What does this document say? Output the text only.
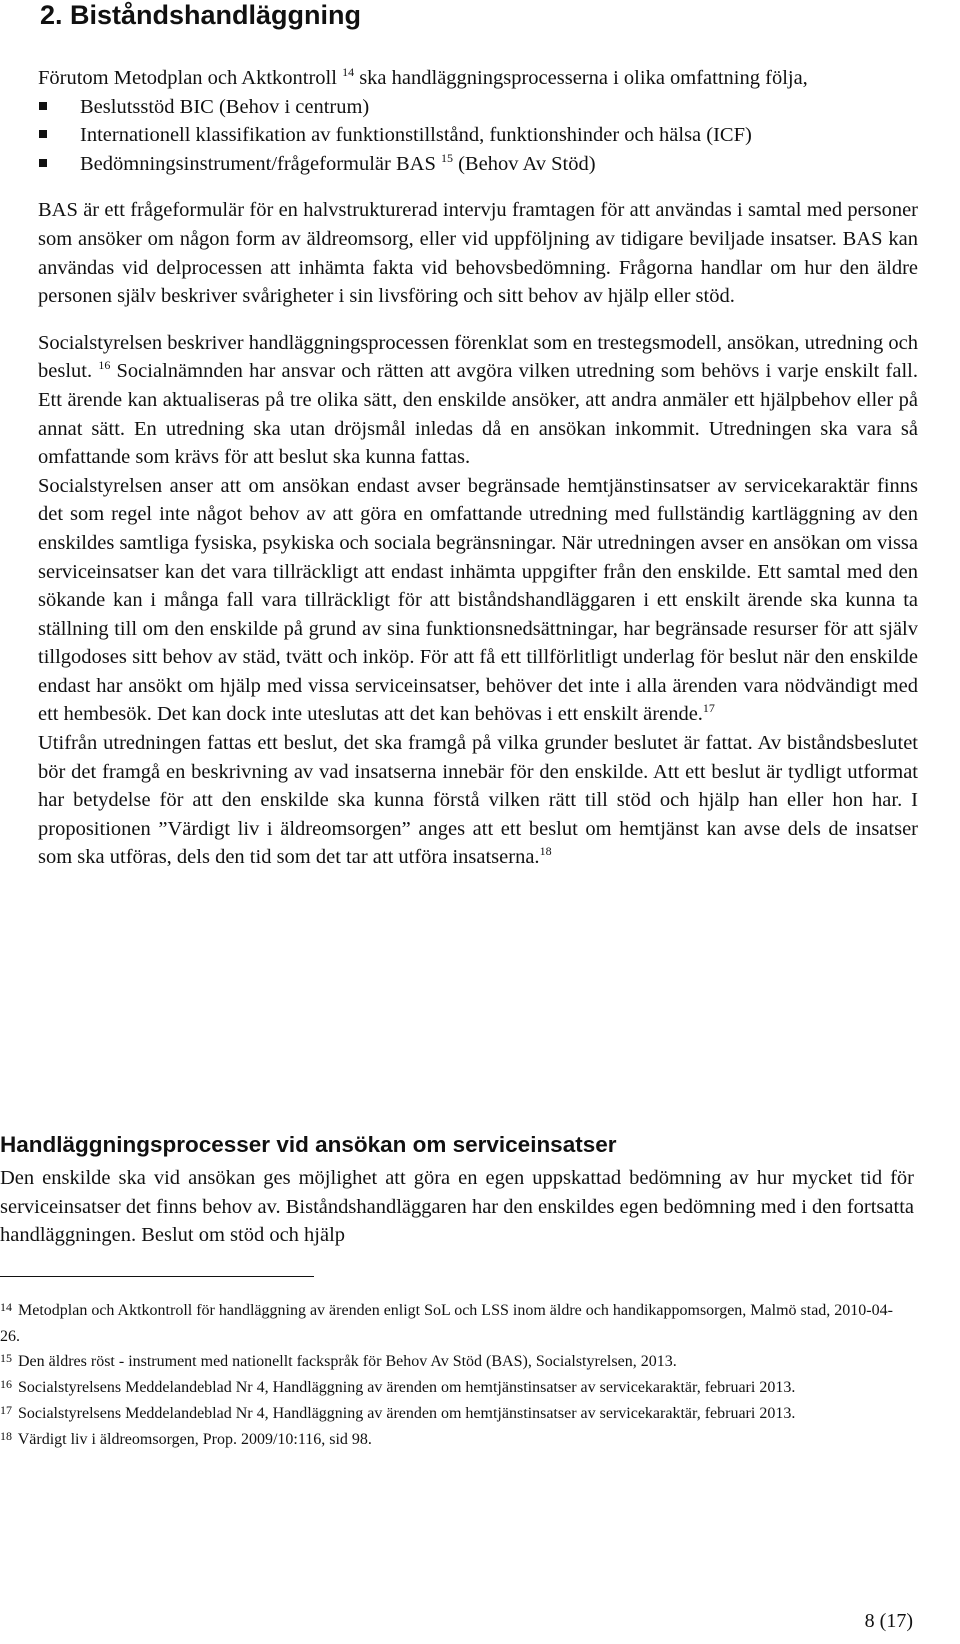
2. Biståndshandläggning

Förutom Metodplan och Aktkontroll $^{14}$ ska handläggningsprocesserna i olika omfattning följa,

Beslutsstöd BIC (Behov i centrum)
Internationell klassifikation av funktionstillstånd, funktionshinder och hälsa (ICF)
Bedömningsinstrument/frågeformulär BAS $^{15}$ (Behov Av Stöd)

BAS är ett frågeformulär för en halvstrukturerad intervju framtagen för att användas i samtal med personer som ansöker om någon form av äldreomsorg, eller vid uppföljning av tidigare beviljade insatser. BAS kan användas vid delprocessen att inhämta fakta vid behovsbedömning. Frågorna handlar om hur den äldre personen själv beskriver svårigheter i sin livsföring och sitt behov av hjälp eller stöd.

Socialstyrelsen beskriver handläggningsprocessen förenklat som en trestegsmodell, ansökan, utredning och beslut. $^{16}$ Socialnämnden har ansvar och rätten att avgöra vilken utredning som behövs i varje enskilt fall. Ett ärende kan aktualiseras på tre olika sätt, den enskilde ansöker, att andra anmäler ett hjälpbehov eller på annat sätt. En utredning ska utan dröjsmål inledas då en ansökan inkommit. Utredningen ska vara så omfattande som krävs för att beslut ska kunna fattas.

Socialstyrelsen anser att om ansökan endast avser begränsade hemtjänstinsatser av servicekaraktär finns det som regel inte något behov av att göra en omfattande utredning med fullständig kartläggning av den enskildes samtliga fysiska, psykiska och sociala begränsningar. När utredningen avser en ansökan om vissa serviceinsatser kan det vara tillräckligt att endast inhämta uppgifter från den enskilde. Ett samtal med den sökande kan i många fall vara tillräckligt för att biståndshandläggaren i ett enskilt ärende ska kunna ta ställning till om den enskilde på grund av sina funktionsnedsättningar, har begränsade resurser för att själv tillgodoses sitt behov av städ, tvätt och inköp. För att få ett tillförlitligt underlag för beslut när den enskilde endast har ansökt om hjälp med vissa serviceinsatser, behöver det inte i alla ärenden vara nödvändigt med ett hembesök. Det kan dock inte uteslutas att det kan behövas i ett enskilt ärende.$^{17}$

Utifrån utredningen fattas ett beslut, det ska framgå på vilka grunder beslutet är fattat. Av biståndsbeslutet bör det framgå en beskrivning av vad insatserna innebär för den enskilde. Att ett beslut är tydligt utformat har betydelse för att den enskilde ska kunna förstå vilken rätt till stöd och hjälp han eller hon har. I propositionen ”Värdigt liv i äldreomsorgen” anges att ett beslut om hemtjänst kan avse dels de insatser som ska utföras, dels den tid som det tar att utföra insatserna.$^{18}$

Handläggningsprocesser vid ansökan om serviceinsatser

Den enskilde ska vid ansökan ges möjlighet att göra en egen uppskattad bedömning av hur mycket tid för serviceinsatser det finns behov av. Biståndshandläggaren har den enskildes egen bedömning med i den fortsatta handläggningen. Beslut om stöd och hjälp

$^{14}$ Metodplan och Aktkontroll för handläggning av ärenden enligt SoL och LSS inom äldre och handikappomsorgen, Malmö stad, 2010-04-26.

$^{15}$ Den äldres röst - instrument med nationellt fackspråk för Behov Av Stöd (BAS), Socialstyrelsen, 2013.

$^{16}$ Socialstyrelsens Meddelandeblad Nr 4, Handläggning av ärenden om hemtjänstinsatser av servicekaraktär, februari 2013.

$^{17}$ Socialstyrelsens Meddelandeblad Nr 4, Handläggning av ärenden om hemtjänstinsatser av servicekaraktär, februari 2013.

$^{18}$ Värdigt liv i äldreomsorgen, Prop. 2009/10:116, sid 98.

8 (17)
